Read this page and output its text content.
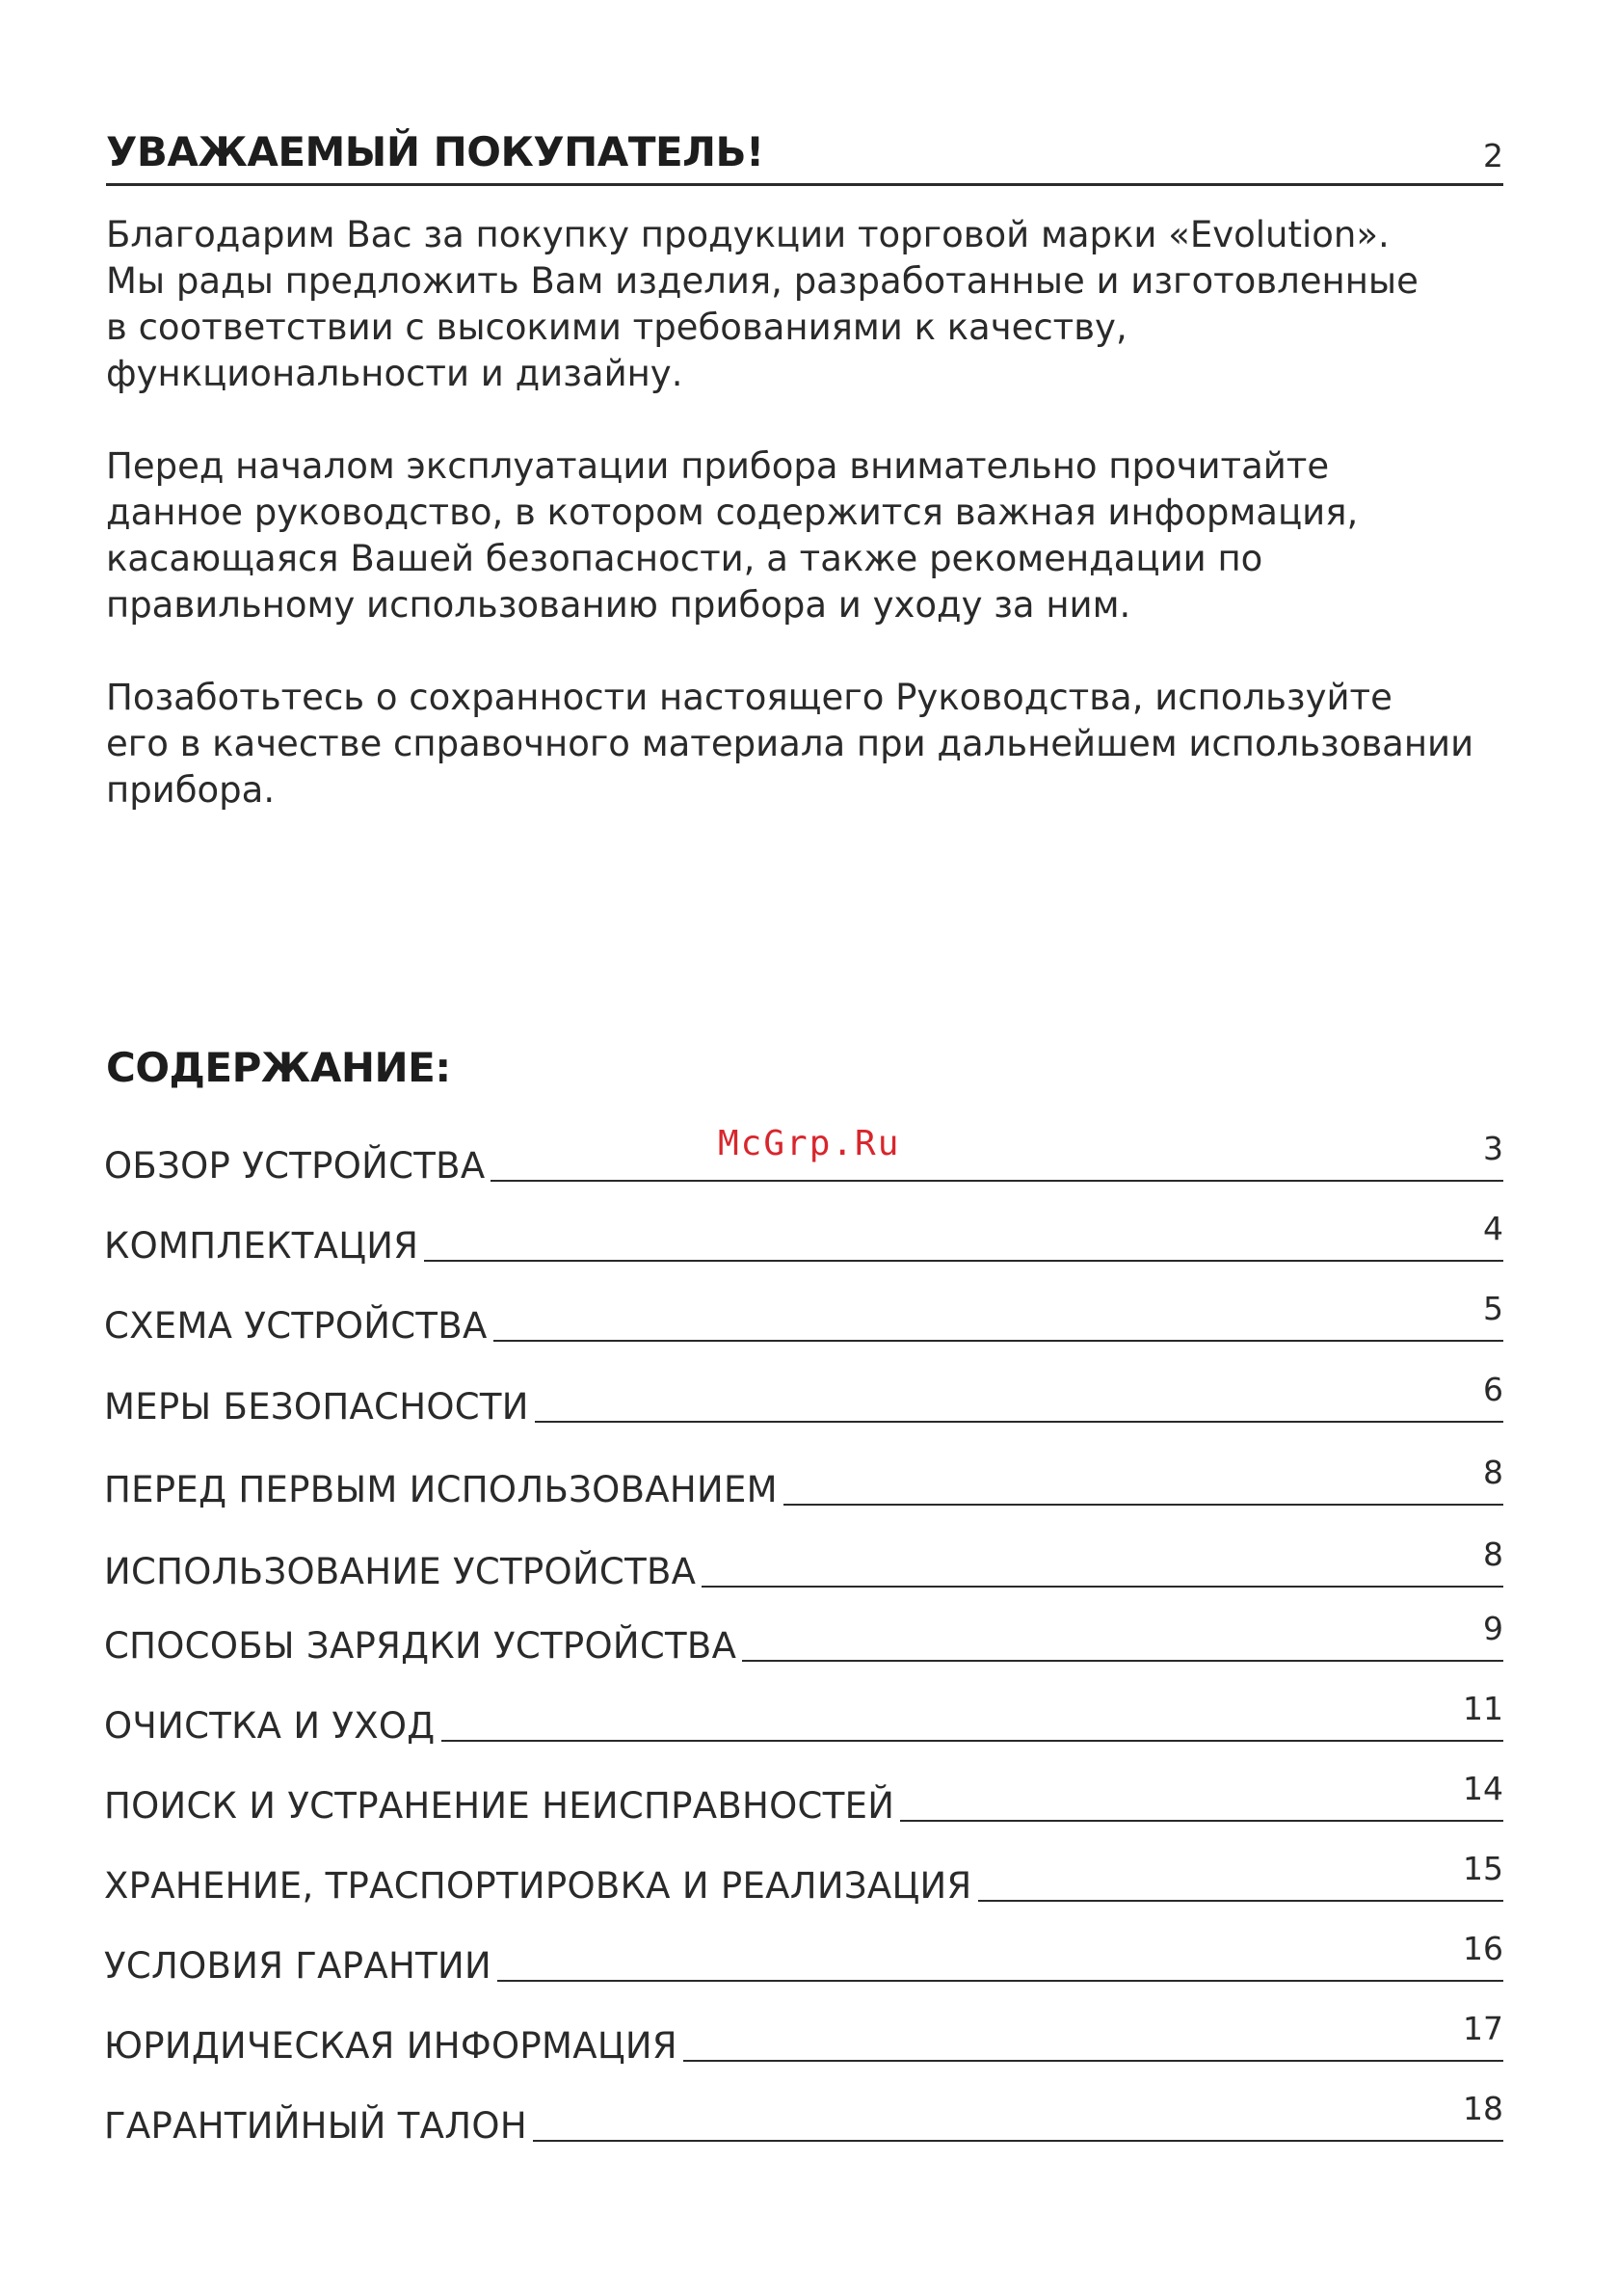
УВАЖАЕМЫЙ ПОКУПАТЕЛЬ!	2

Благодарим Вас за покупку продукции торговой марки «Evolution».
Мы рады предложить Вам изделия, разработанные и изготовленные
в соответствии с высокими требованиями к качеству,
функциональности и дизайну.

Перед началом эксплуатации прибора внимательно прочитайте
данное руководство, в котором содержится важная информация,
касающаяся Вашей безопасности, а также рекомендации по
правильному использованию прибора и уходу за ним.

Позаботьтесь о сохранности настоящего Руководства, используйте
его в качестве справочного материала при дальнейшем использовании
прибора.

СОДЕРЖАНИЕ:
McGrp.Ru
ОБЗОР УСТРОЙСТВА	3
КОМПЛЕКТАЦИЯ	4
СХЕМА УСТРОЙСТВА	5
МЕРЫ БЕЗОПАСНОСТИ	6
ПЕРЕД ПЕРВЫМ ИСПОЛЬЗОВАНИЕМ	8
ИСПОЛЬЗОВАНИЕ УСТРОЙСТВА	8
СПОСОБЫ ЗАРЯДКИ УСТРОЙСТВА	9
ОЧИСТКА И УХОД	11
ПОИСК И УСТРАНЕНИЕ НЕИСПРАВНОСТЕЙ	14
ХРАНЕНИЕ, ТРАСПОРТИРОВКА И РЕАЛИЗАЦИЯ	15
УСЛОВИЯ ГАРАНТИИ	16
ЮРИДИЧЕСКАЯ ИНФОРМАЦИЯ	17
ГАРАНТИЙНЫЙ ТАЛОН	18
